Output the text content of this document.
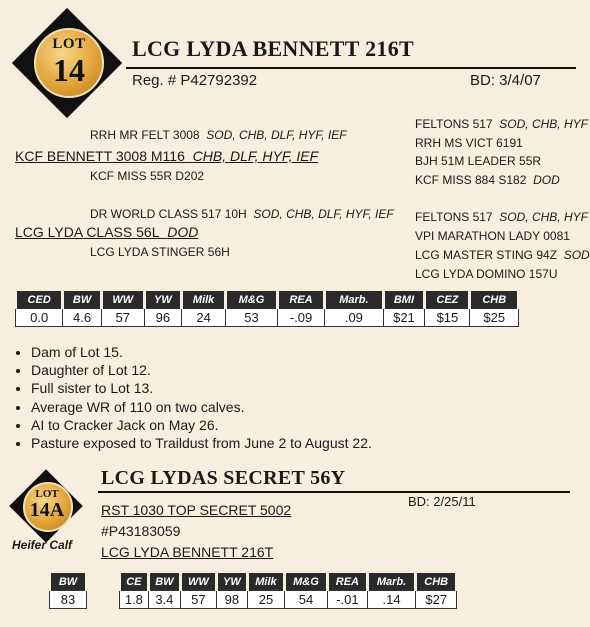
LOT
14
LCG LYDA BENNETT 216T
Reg. # P42792392	BD: 3/4/07
RRH MR FELT 3008 SOD, CHB, DLF, HYF, IEF
KCF BENNETT 3008 M116 CHB, DLF, HYF, IEF
KCF MISS 55R D202
DR WORLD CLASS 517 10H SOD, CHB, DLF, HYF, IEF
LCG LYDA CLASS 56L DOD
LCG LYDA STINGER 56H
FELTONS 517 SOD, CHB, HYF
RRH MS VICT 6191
BJH 51M LEADER 55R
KCF MISS 884 S182 DOD
FELTONS 517 SOD, CHB, HYF
VPI MARATHON LADY 0081
LCG MASTER STING 94Z SOD
LCG LYDA DOMINO 157U
CED	BW	WW	YW	Milk	M&G	REA	Marb.	BMI	CEZ	CHB
0.0	4.6	57	96	24	53	-.09	.09	$21	$15	$25
• Dam of Lot 15.
• Daughter of Lot 12.
• Full sister to Lot 13.
• Average WR of 110 on two calves.
• AI to Cracker Jack on May 26.
• Pasture exposed to Traildust from June 2 to August 22.
LOT
14A
Heifer Calf
LCG LYDAS SECRET 56Y
RST 1030 TOP SECRET 5002
BD: 2/25/11
#P43183059
LCG LYDA BENNETT 216T
BW
83
CE	BW	WW	YW	Milk	M&G	REA	Marb.	CHB
1.8	3.4	57	98	25	54	-.01	.14	$27
